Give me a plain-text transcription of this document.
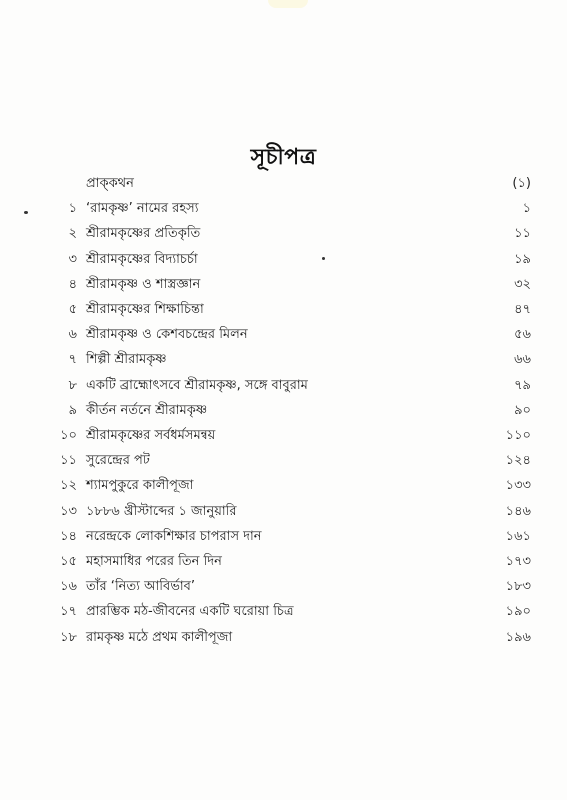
সূচীপত্র
প্রাক্‌কথন	(১)
১ ‘রামকৃষ্ণ’ নামের রহস্য	১
২ শ্রীরামকৃষ্ণের প্রতিকৃতি	১১
৩ শ্রীরামকৃষ্ণের বিদ্যাচর্চা	১৯
৪ শ্রীরামকৃষ্ণ ও শাস্ত্রজ্ঞান	৩২
৫ শ্রীরামকৃষ্ণের শিক্ষাচিন্তা	৪৭
৬ শ্রীরামকৃষ্ণ ও কেশবচন্দ্রের মিলন	৫৬
৭ শিল্পী শ্রীরামকৃষ্ণ	৬৬
৮ একটি ব্রাহ্মোৎসবে শ্রীরামকৃষ্ণ, সঙ্গে বাবুরাম	৭৯
৯ কীর্তন নর্তনে শ্রীরামকৃষ্ণ	৯০
১০ শ্রীরামকৃষ্ণের সর্বধর্মসমন্বয়	১১০
১১ সুরেন্দ্রের পট	১২৪
১২ শ্যামপুকুরে কালীপূজা	১৩৩
১৩ ১৮৮৬ খ্রীস্টাব্দের ১ জানুয়ারি	১৪৬
১৪ নরেন্দ্রকে লোকশিক্ষার চাপরাস দান	১৬১
১৫ মহাসমাধির পরের তিন দিন	১৭৩
১৬ তাঁর ‘নিত্য আবির্ভাব’	১৮৩
১৭ প্রারম্ভিক মঠ-জীবনের একটি ঘরোয়া চিত্র	১৯০
১৮ রামকৃষ্ণ মঠে প্রথম কালীপূজা	১৯৬
